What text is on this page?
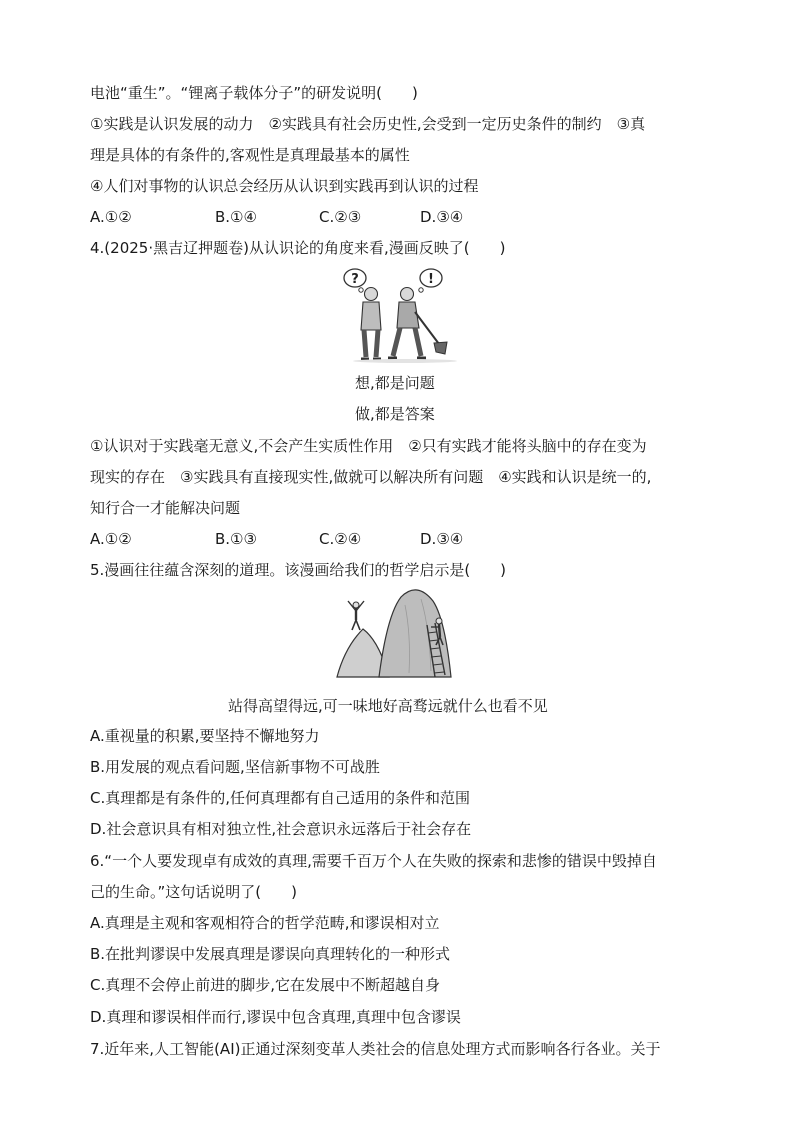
电池“重生”。“锂离子载体分子”的研发说明(　　)
①实践是认识发展的动力　②实践具有社会历史性,会受到一定历史条件的制约　③真
理是具体的有条件的,客观性是真理最基本的属性
④人们对事物的认识总会经历从认识到实践再到认识的过程
A.①②	B.①④	C.②③	D.③④
4.(2025·黑吉辽押题卷)从认识论的角度来看,漫画反映了(　　)
?	!
想,都是问题
做,都是答案
①认识对于实践毫无意义,不会产生实质性作用　②只有实践才能将头脑中的存在变为
现实的存在　③实践具有直接现实性,做就可以解决所有问题　④实践和认识是统一的,
知行合一才能解决问题
A.①②	B.①③	C.②④	D.③④
5.漫画往往蕴含深刻的道理。该漫画给我们的哲学启示是(　　)
站得高望得远,可一味地好高骛远就什么也看不见
A.重视量的积累,要坚持不懈地努力
B.用发展的观点看问题,坚信新事物不可战胜
C.真理都是有条件的,任何真理都有自己适用的条件和范围
D.社会意识具有相对独立性,社会意识永远落后于社会存在
6.“一个人要发现卓有成效的真理,需要千百万个人在失败的探索和悲惨的错误中毁掉自
己的生命。”这句话说明了(　　)
A.真理是主观和客观相符合的哲学范畴,和谬误相对立
B.在批判谬误中发展真理是谬误向真理转化的一种形式
C.真理不会停止前进的脚步,它在发展中不断超越自身
D.真理和谬误相伴而行,谬误中包含真理,真理中包含谬误
7.近年来,人工智能(AI)正通过深刻变革人类社会的信息处理方式而影响各行各业。关于
